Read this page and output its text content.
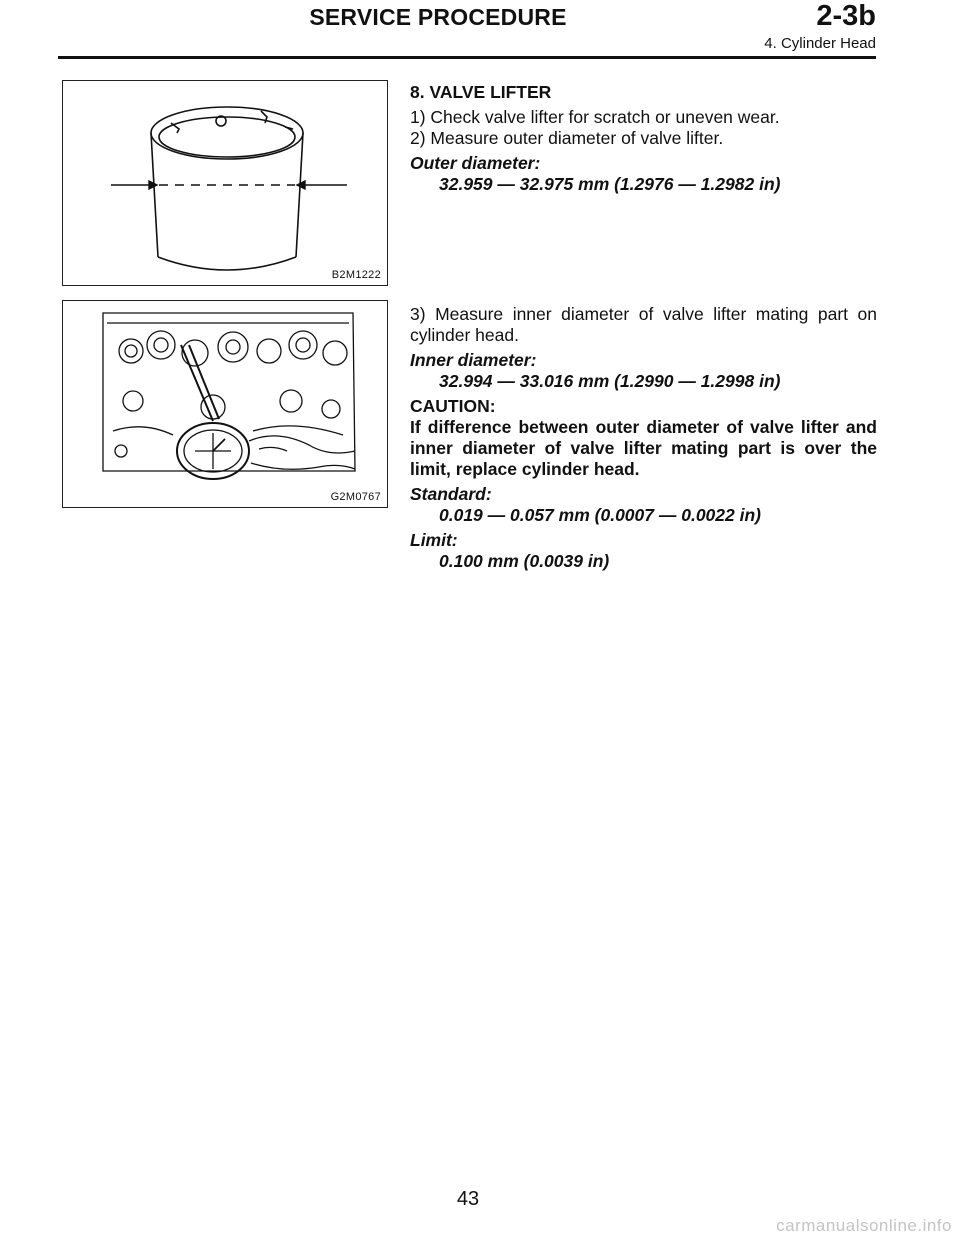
SERVICE PROCEDURE	2-3b
4. Cylinder Head
B2M1222
G2M0767

8. VALVE LIFTER

1) Check valve lifter for scratch or uneven wear.

2) Measure outer diameter of valve lifter.

Outer diameter:

32.959 — 32.975 mm (1.2976 — 1.2982 in)

3) Measure inner diameter of valve lifter mating part on cylinder head.

Inner diameter:

32.994 — 33.016 mm (1.2990 — 1.2998 in)

CAUTION:

If difference between outer diameter of valve lifter and inner diameter of valve lifter mating part is over the limit, replace cylinder head.

Standard:

0.019 — 0.057 mm (0.0007 — 0.0022 in)

Limit:

0.100 mm (0.0039 in)

43
carmanualsonline.info
